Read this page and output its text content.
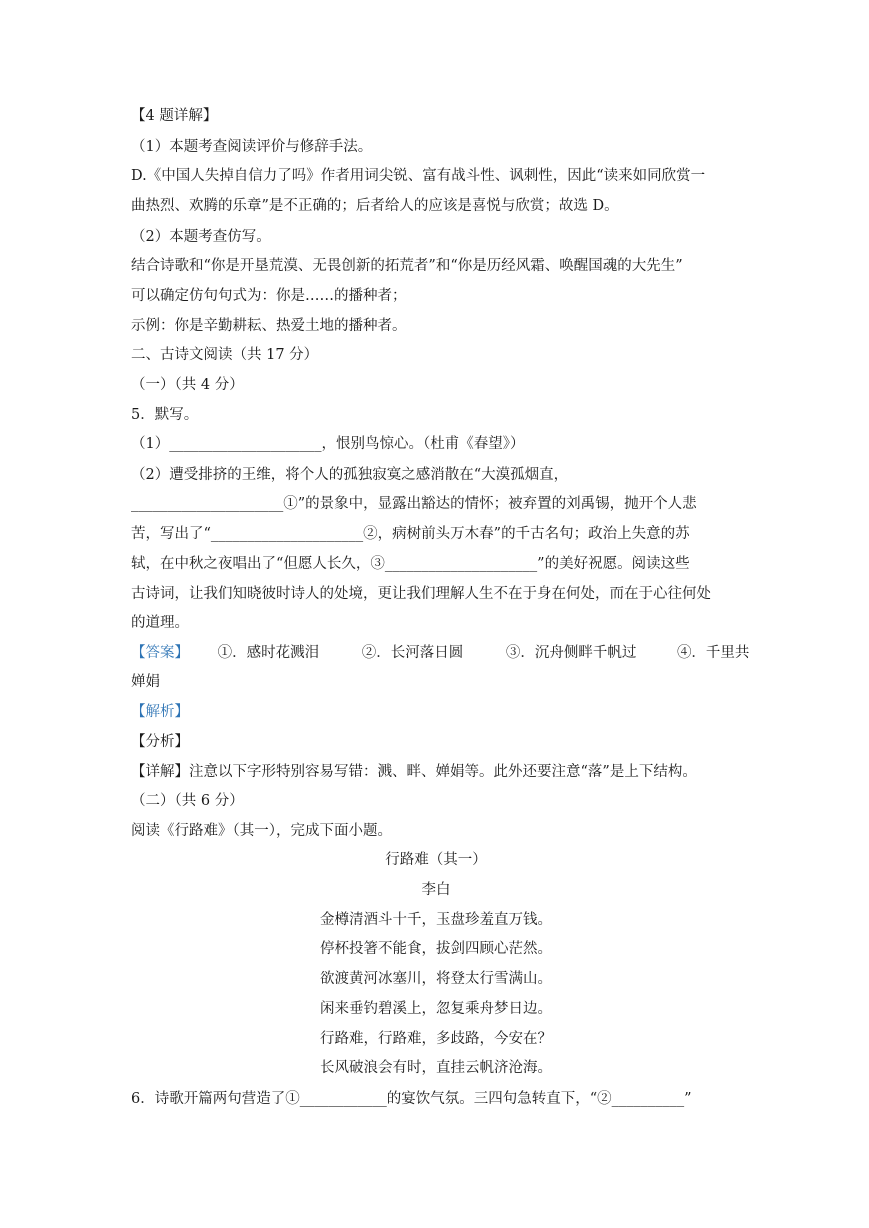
【4 题详解】
（1）本题考查阅读评价与修辞手法。
D.《中国人失掉自信力了吗》作者用词尖锐、富有战斗性、讽刺性，因此“读来如同欣赏一
曲热烈、欢腾的乐章”是不正确的；后者给人的应该是喜悦与欣赏；故选 D。
（2）本题考查仿写。
结合诗歌和“你是开垦荒漠、无畏创新的拓荒者”和“你是历经风霜、唤醒国魂的大先生”
可以确定仿句句式为：你是……的播种者；
示例：你是辛勤耕耘、热爱土地的播种者。
二、古诗文阅读（共 17 分）
（一）（共 4 分）
5．默写。
（1）_____________________，恨别鸟惊心。（杜甫《春望》）
（2）遭受排挤的王维，将个人的孤独寂寞之感消散在“大漠孤烟直，
_____________________①”的景象中，显露出豁达的情怀；被弃置的刘禹锡，抛开个人悲
苦，写出了“_____________________②，病树前头万木春”的千古名句；政治上失意的苏
轼，在中秋之夜唱出了“但愿人长久，③_____________________”的美好祝愿。阅读这些
古诗词，让我们知晓彼时诗人的处境，更让我们理解人生不在于身在何处，而在于心往何处
的道理。
【答案】 ①．感时花溅泪	②．长河落日圆	③．沉舟侧畔千帆过	④．千里共
婵娟
【解析】
【分析】
【详解】注意以下字形特别容易写错：溅、畔、婵娟等。此外还要注意“落”是上下结构。
（二）（共 6 分）
阅读《行路难》（其一），完成下面小题。
行路难（其一）
李白
金樽清酒斗十千，玉盘珍羞直万钱。
停杯投箸不能食，拔剑四顾心茫然。
欲渡黄河冰塞川，将登太行雪满山。
闲来垂钓碧溪上，忽复乘舟梦日边。
行路难，行路难，多歧路，今安在？
长风破浪会有时，直挂云帆济沧海。
6．诗歌开篇两句营造了①____________的宴饮气氛。三四句急转直下，“②__________”
